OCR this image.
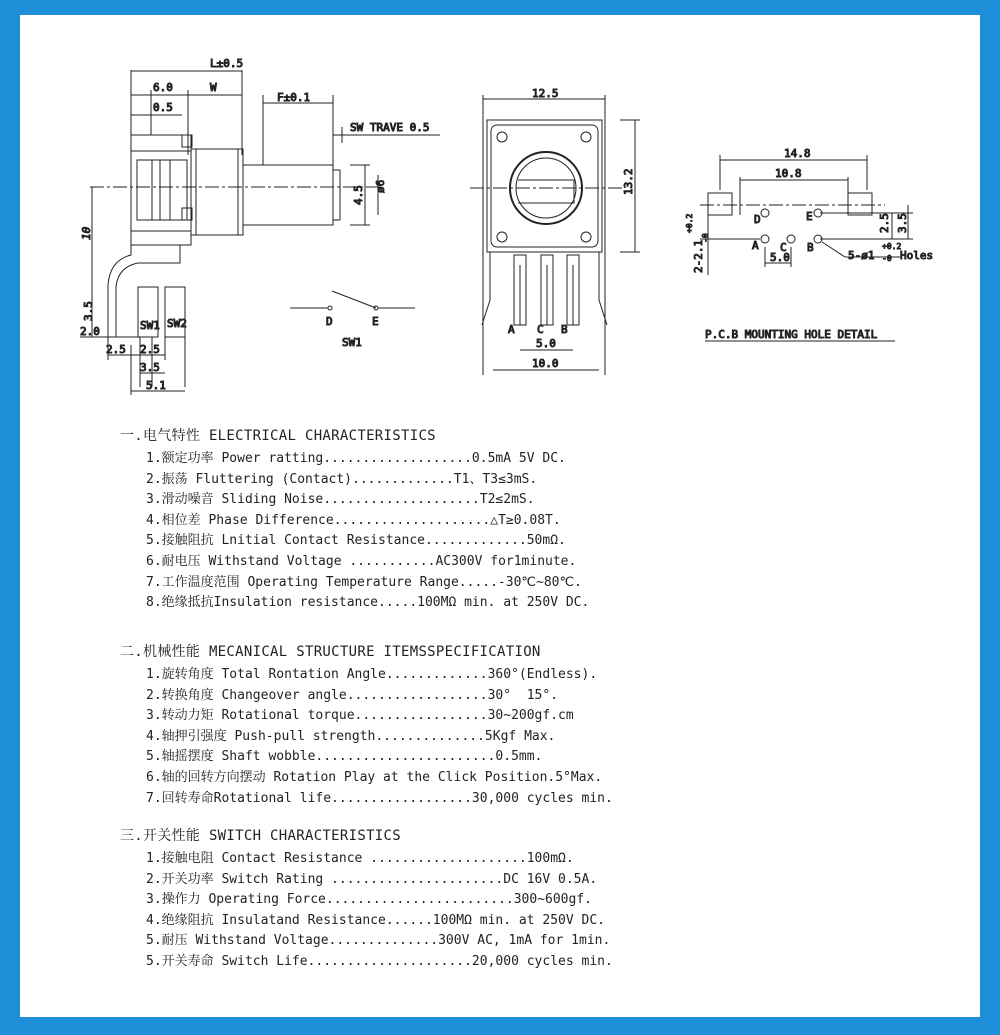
L±0.5
6.0	W
0.5
F±0.1
SW TRAVE 0.5
ø6
4.5
10
3.5
2.0	SW1 SW2
2.5 2.5
3.5
5.1
D	E
SW1
12.5
13.2
A C B
5.0
10.0
14.8
10.8
2.5 3.5
2-2.1
+0.2
-0
D	E
A C B
5.0	5-ø1
+0.2
-0 Holes
P.C.B MOUNTING HOLE DETAIL
一.电气特性 ELECTRICAL CHARACTERISTICS
1.额定功率 Power ratting...................0.5mA 5V DC.
2.振荡 Fluttering (Contact).............T1、T3≤3mS.
3.滑动噪音 Sliding Noise....................T2≤2mS.
4.相位差 Phase Difference....................△T≥0.08T.
5.接触阻抗 Lnitial Contact Resistance.............50mΩ.
6.耐电压 Withstand Voltage ...........AC300V for1minute.
7.工作温度范围 Operating Temperature Range.....-30℃~80℃.
8.绝缘抵抗Insulation resistance.....100MΩ min. at 250V DC.
二.机械性能 MECANICAL STRUCTURE ITEMSSPECIFICATION
1.旋转角度 Total Rontation Angle.............360°(Endless).
2.转换角度 Changeover angle..................30°  15°.
3.转动力矩 Rotational torque.................30~200gf.cm
4.轴押引强度 Push-pull strength..............5Kgf Max.
5.轴摇摆度 Shaft wobble.......................0.5mm.
6.轴的回转方向摆动 Rotation Play at the Click Position.5°Max.
7.回转寿命Rotational life..................30,000 cycles min.
三.开关性能 SWITCH CHARACTERISTICS
1.接触电阻 Contact Resistance ....................100mΩ.
2.开关功率 Switch Rating ......................DC 16V 0.5A.
3.操作力 Operating Force........................300~600gf.
4.绝缘阻抗 Insulatand Resistance......100MΩ min. at 250V DC.
5.耐压 Withstand Voltage..............300V AC, 1mA for 1min.
5.开关寿命 Switch Life.....................20,000 cycles min.
